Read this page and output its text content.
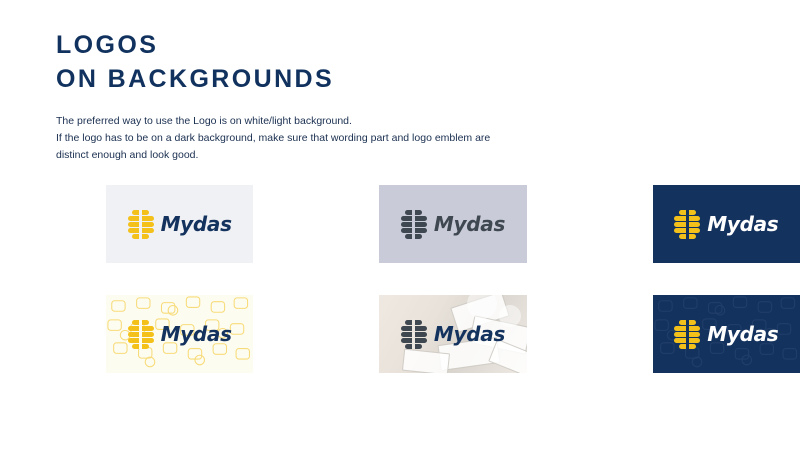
LOGOS
ON BACKGROUNDS

The preferred way to use the Logo is on white/light background.

If the logo has to be on a dark background, make sure that wording part and logo emblem are

distinct enough and look good.

Mydas	Mydas	Mydas
Mydas	Mydas	Mydas
